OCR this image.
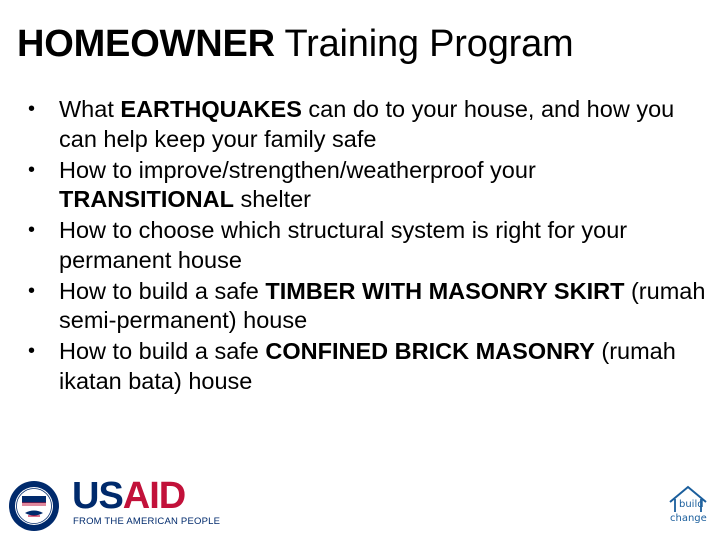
HOMEOWNER Training Program
• What EARTHQUAKES can do to your house, and how you can help keep your family safe
• How to improve/strengthen/weatherproof your TRANSITIONAL shelter
• How to choose which structural system is right for your permanent house
• How to build a safe TIMBER WITH MASONRY SKIRT (rumah semi-permanent) house
• How to build a safe CONFINED BRICK MASONRY (rumah ikatan bata) house
USAID
FROM THE AMERICAN PEOPLE
build
change
